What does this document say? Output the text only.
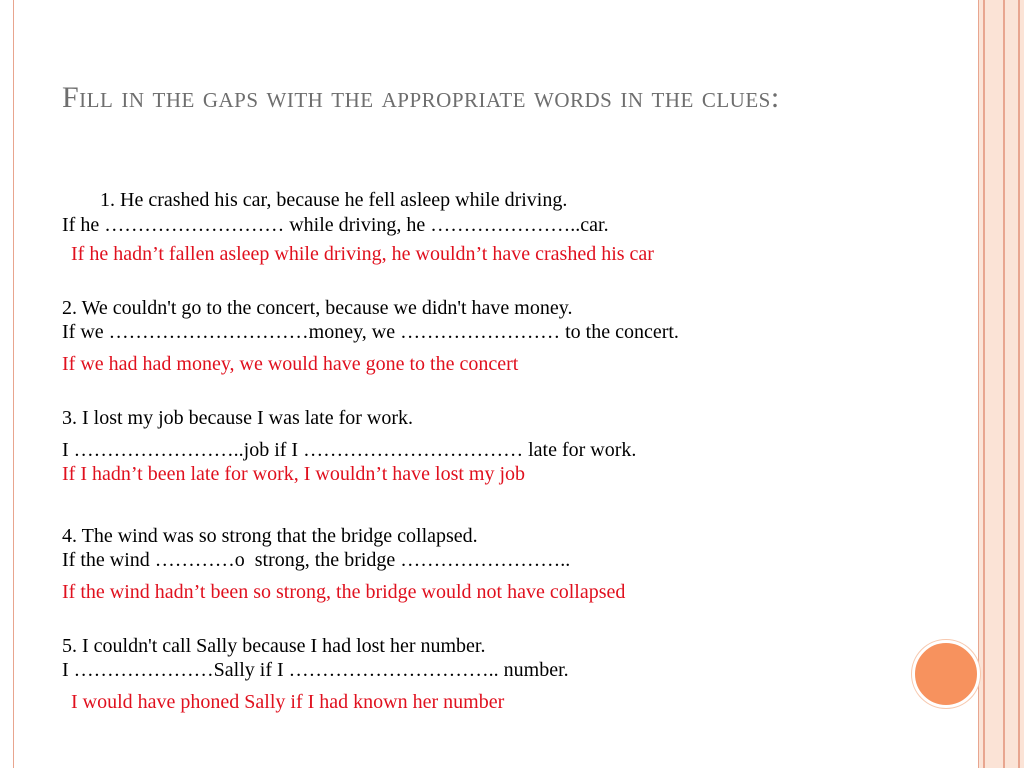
Fill in the gaps with the appropriate words in the clues:

1. He crashed his car, because he fell asleep while driving.

If he ……………………… while driving, he …………………..car.

If he hadn’t fallen asleep while driving, he wouldn’t have crashed his car

2. We couldn't go to the concert, because we didn't have money.

If we …………………………money, we …………………… to the concert.

If we had had money, we would have gone to the concert

3. I lost my job because I was late for work.

I ……………………..job if I …………………………… late for work.

If I hadn’t been late for work, I wouldn’t have lost my job

4. The wind was so strong that the bridge collapsed.

If the wind …………o  strong, the bridge ……………………..

If the wind hadn’t been so strong, the bridge would not have collapsed

5. I couldn't call Sally because I had lost her number.

I …………………Sally if I ………………………….. number.

I would have phoned Sally if I had known her number
